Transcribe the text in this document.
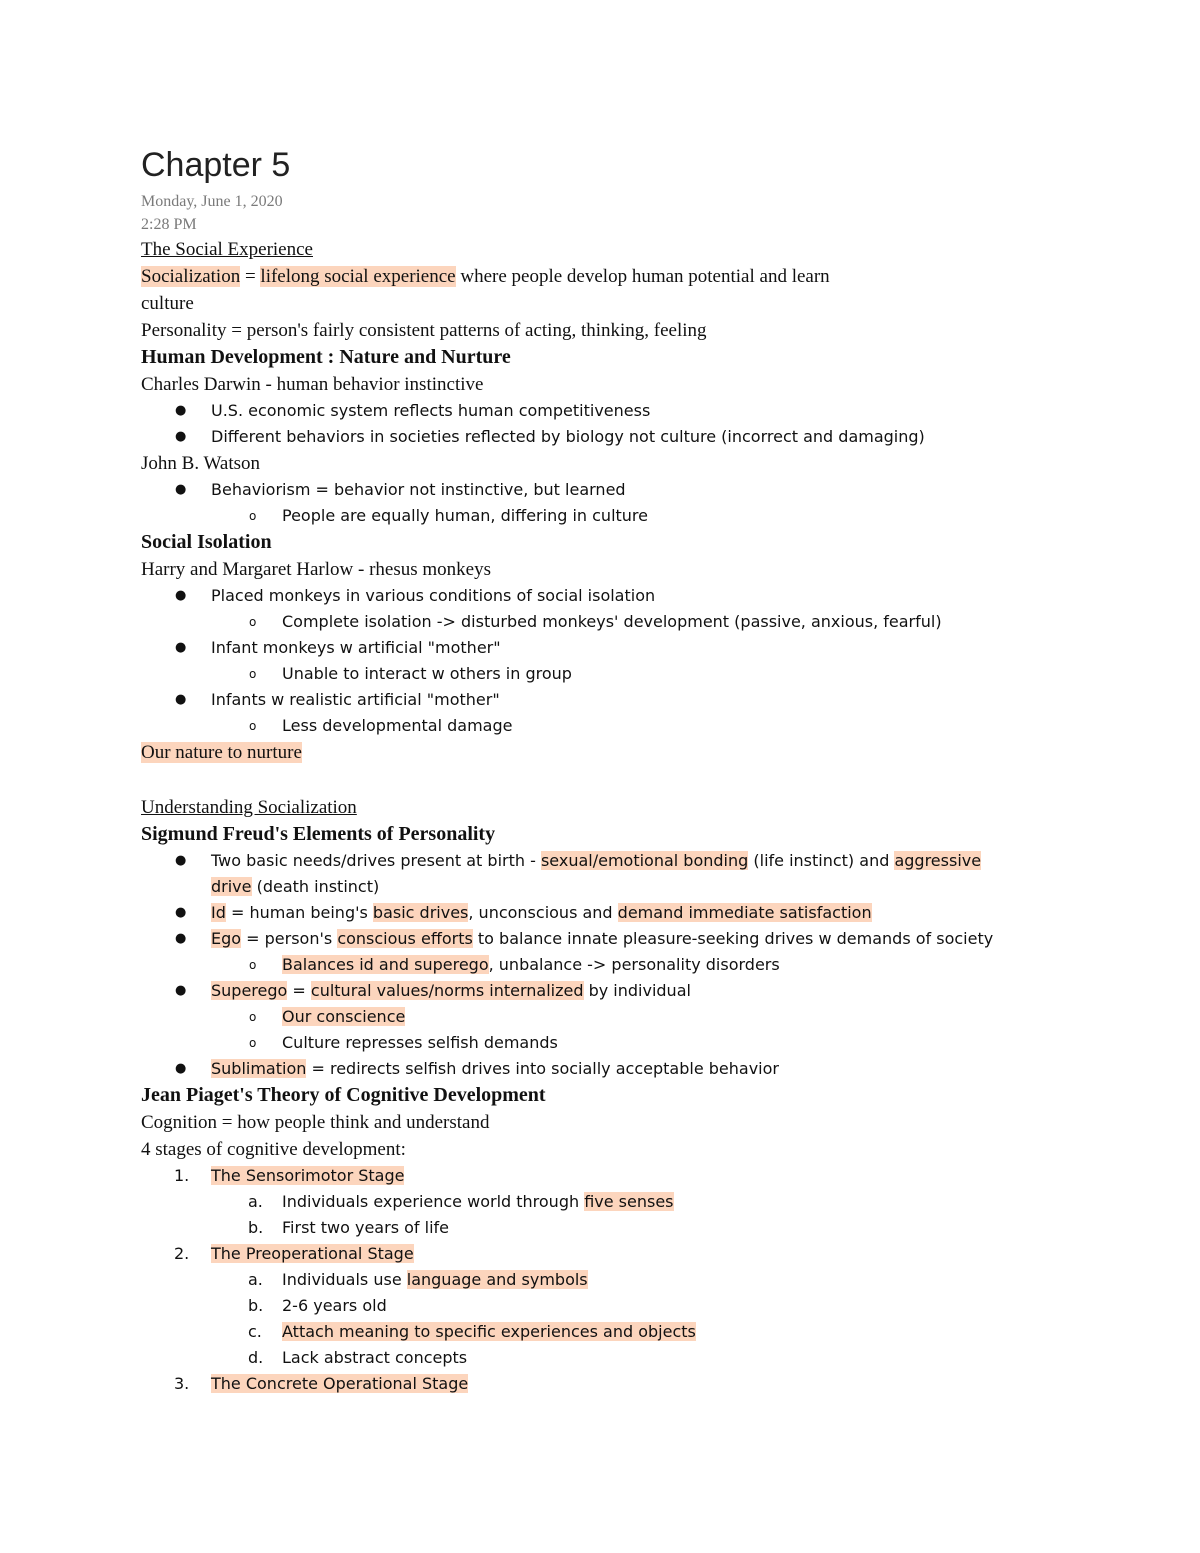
Chapter 5
Monday, June 1, 2020
2:28 PM
The Social Experience
Socialization = lifelong social experience where people develop human potential and learn
culture
Personality = person's fairly consistent patterns of acting, thinking, feeling
Human Development : Nature and Nurture
Charles Darwin - human behavior instinctive
● U.S. economic system reflects human competitiveness
● Different behaviors in societies reflected by biology not culture (incorrect and damaging)
John B. Watson
● Behaviorism = behavior not instinctive, but learned
o People are equally human, differing in culture
Social Isolation
Harry and Margaret Harlow - rhesus monkeys
● Placed monkeys in various conditions of social isolation
o Complete isolation -> disturbed monkeys' development (passive, anxious, fearful)
● Infant monkeys w artificial "mother"
o Unable to interact w others in group
● Infants w realistic artificial "mother"
o Less developmental damage
Our nature to nurture
Understanding Socialization
Sigmund Freud's Elements of Personality
● Two basic needs/drives present at birth - sexual/emotional bonding (life instinct) and aggressive
drive (death instinct)
● Id = human being's basic drives, unconscious and demand immediate satisfaction
● Ego = person's conscious efforts to balance innate pleasure-seeking drives w demands of society
o Balances id and superego, unbalance -> personality disorders
● Superego = cultural values/norms internalized by individual
o Our conscience
o Culture represses selfish demands
● Sublimation = redirects selfish drives into socially acceptable behavior
Jean Piaget's Theory of Cognitive Development
Cognition = how people think and understand
4 stages of cognitive development:
1. The Sensorimotor Stage
a. Individuals experience world through five senses
b. First two years of life
2. The Preoperational Stage
a. Individuals use language and symbols
b. 2-6 years old
c. Attach meaning to specific experiences and objects
d. Lack abstract concepts
3. The Concrete Operational Stage
